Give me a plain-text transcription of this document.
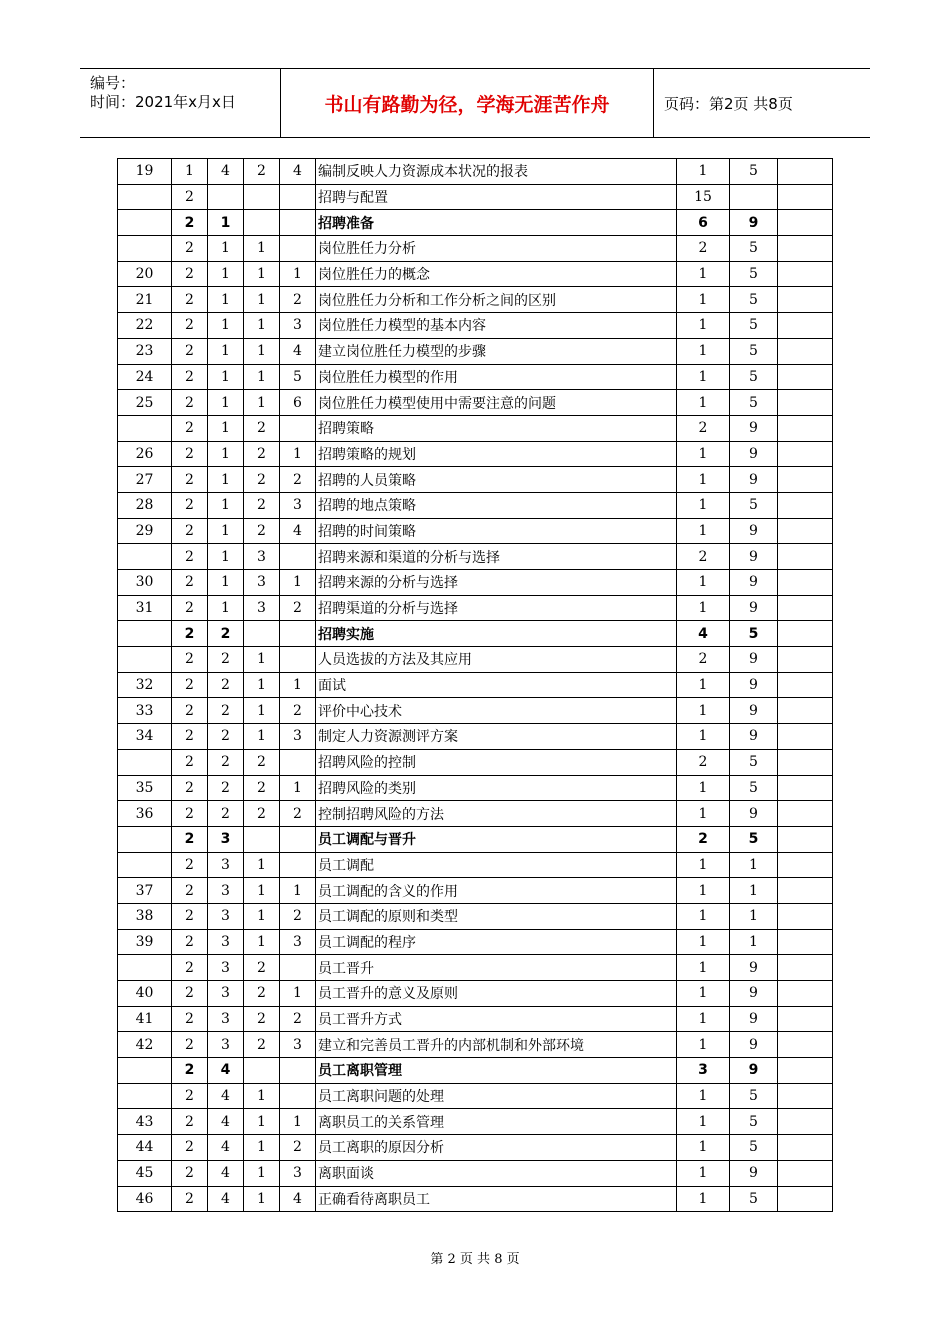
编号：
时间：2021年x月x日	书山有路勤为径，学海无涯苦作舟	页码：第2页 共8页
19	1	4	2	4	编制反映人力资源成本状况的报表	1	5	
	2				招聘与配置	15		
	2	1			招聘准备	6	9	
	2	1	1		岗位胜任力分析	2	5	
20	2	1	1	1	岗位胜任力的概念	1	5	
21	2	1	1	2	岗位胜任力分析和工作分析之间的区别	1	5	
22	2	1	1	3	岗位胜任力模型的基本内容	1	5	
23	2	1	1	4	建立岗位胜任力模型的步骤	1	5	
24	2	1	1	5	岗位胜任力模型的作用	1	5	
25	2	1	1	6	岗位胜任力模型使用中需要注意的问题	1	5	
	2	1	2		招聘策略	2	9	
26	2	1	2	1	招聘策略的规划	1	9	
27	2	1	2	2	招聘的人员策略	1	9	
28	2	1	2	3	招聘的地点策略	1	5	
29	2	1	2	4	招聘的时间策略	1	9	
	2	1	3		招聘来源和渠道的分析与选择	2	9	
30	2	1	3	1	招聘来源的分析与选择	1	9	
31	2	1	3	2	招聘渠道的分析与选择	1	9	
	2	2			招聘实施	4	5	
	2	2	1		人员选拔的方法及其应用	2	9	
32	2	2	1	1	面试	1	9	
33	2	2	1	2	评价中心技术	1	9	
34	2	2	1	3	制定人力资源测评方案	1	9	
	2	2	2		招聘风险的控制	2	5	
35	2	2	2	1	招聘风险的类别	1	5	
36	2	2	2	2	控制招聘风险的方法	1	9	
	2	3			员工调配与晋升	2	5	
	2	3	1		员工调配	1	1	
37	2	3	1	1	员工调配的含义的作用	1	1	
38	2	3	1	2	员工调配的原则和类型	1	1	
39	2	3	1	3	员工调配的程序	1	1	
	2	3	2		员工晋升	1	9	
40	2	3	2	1	员工晋升的意义及原则	1	9	
41	2	3	2	2	员工晋升方式	1	9	
42	2	3	2	3	建立和完善员工晋升的内部机制和外部环境	1	9	
	2	4			员工离职管理	3	9	
	2	4	1		员工离职问题的处理	1	5	
43	2	4	1	1	离职员工的关系管理	1	5	
44	2	4	1	2	员工离职的原因分析	1	5	
45	2	4	1	3	离职面谈	1	9	
46	2	4	1	4	正确看待离职员工	1	5	
第 2 页 共 8 页
